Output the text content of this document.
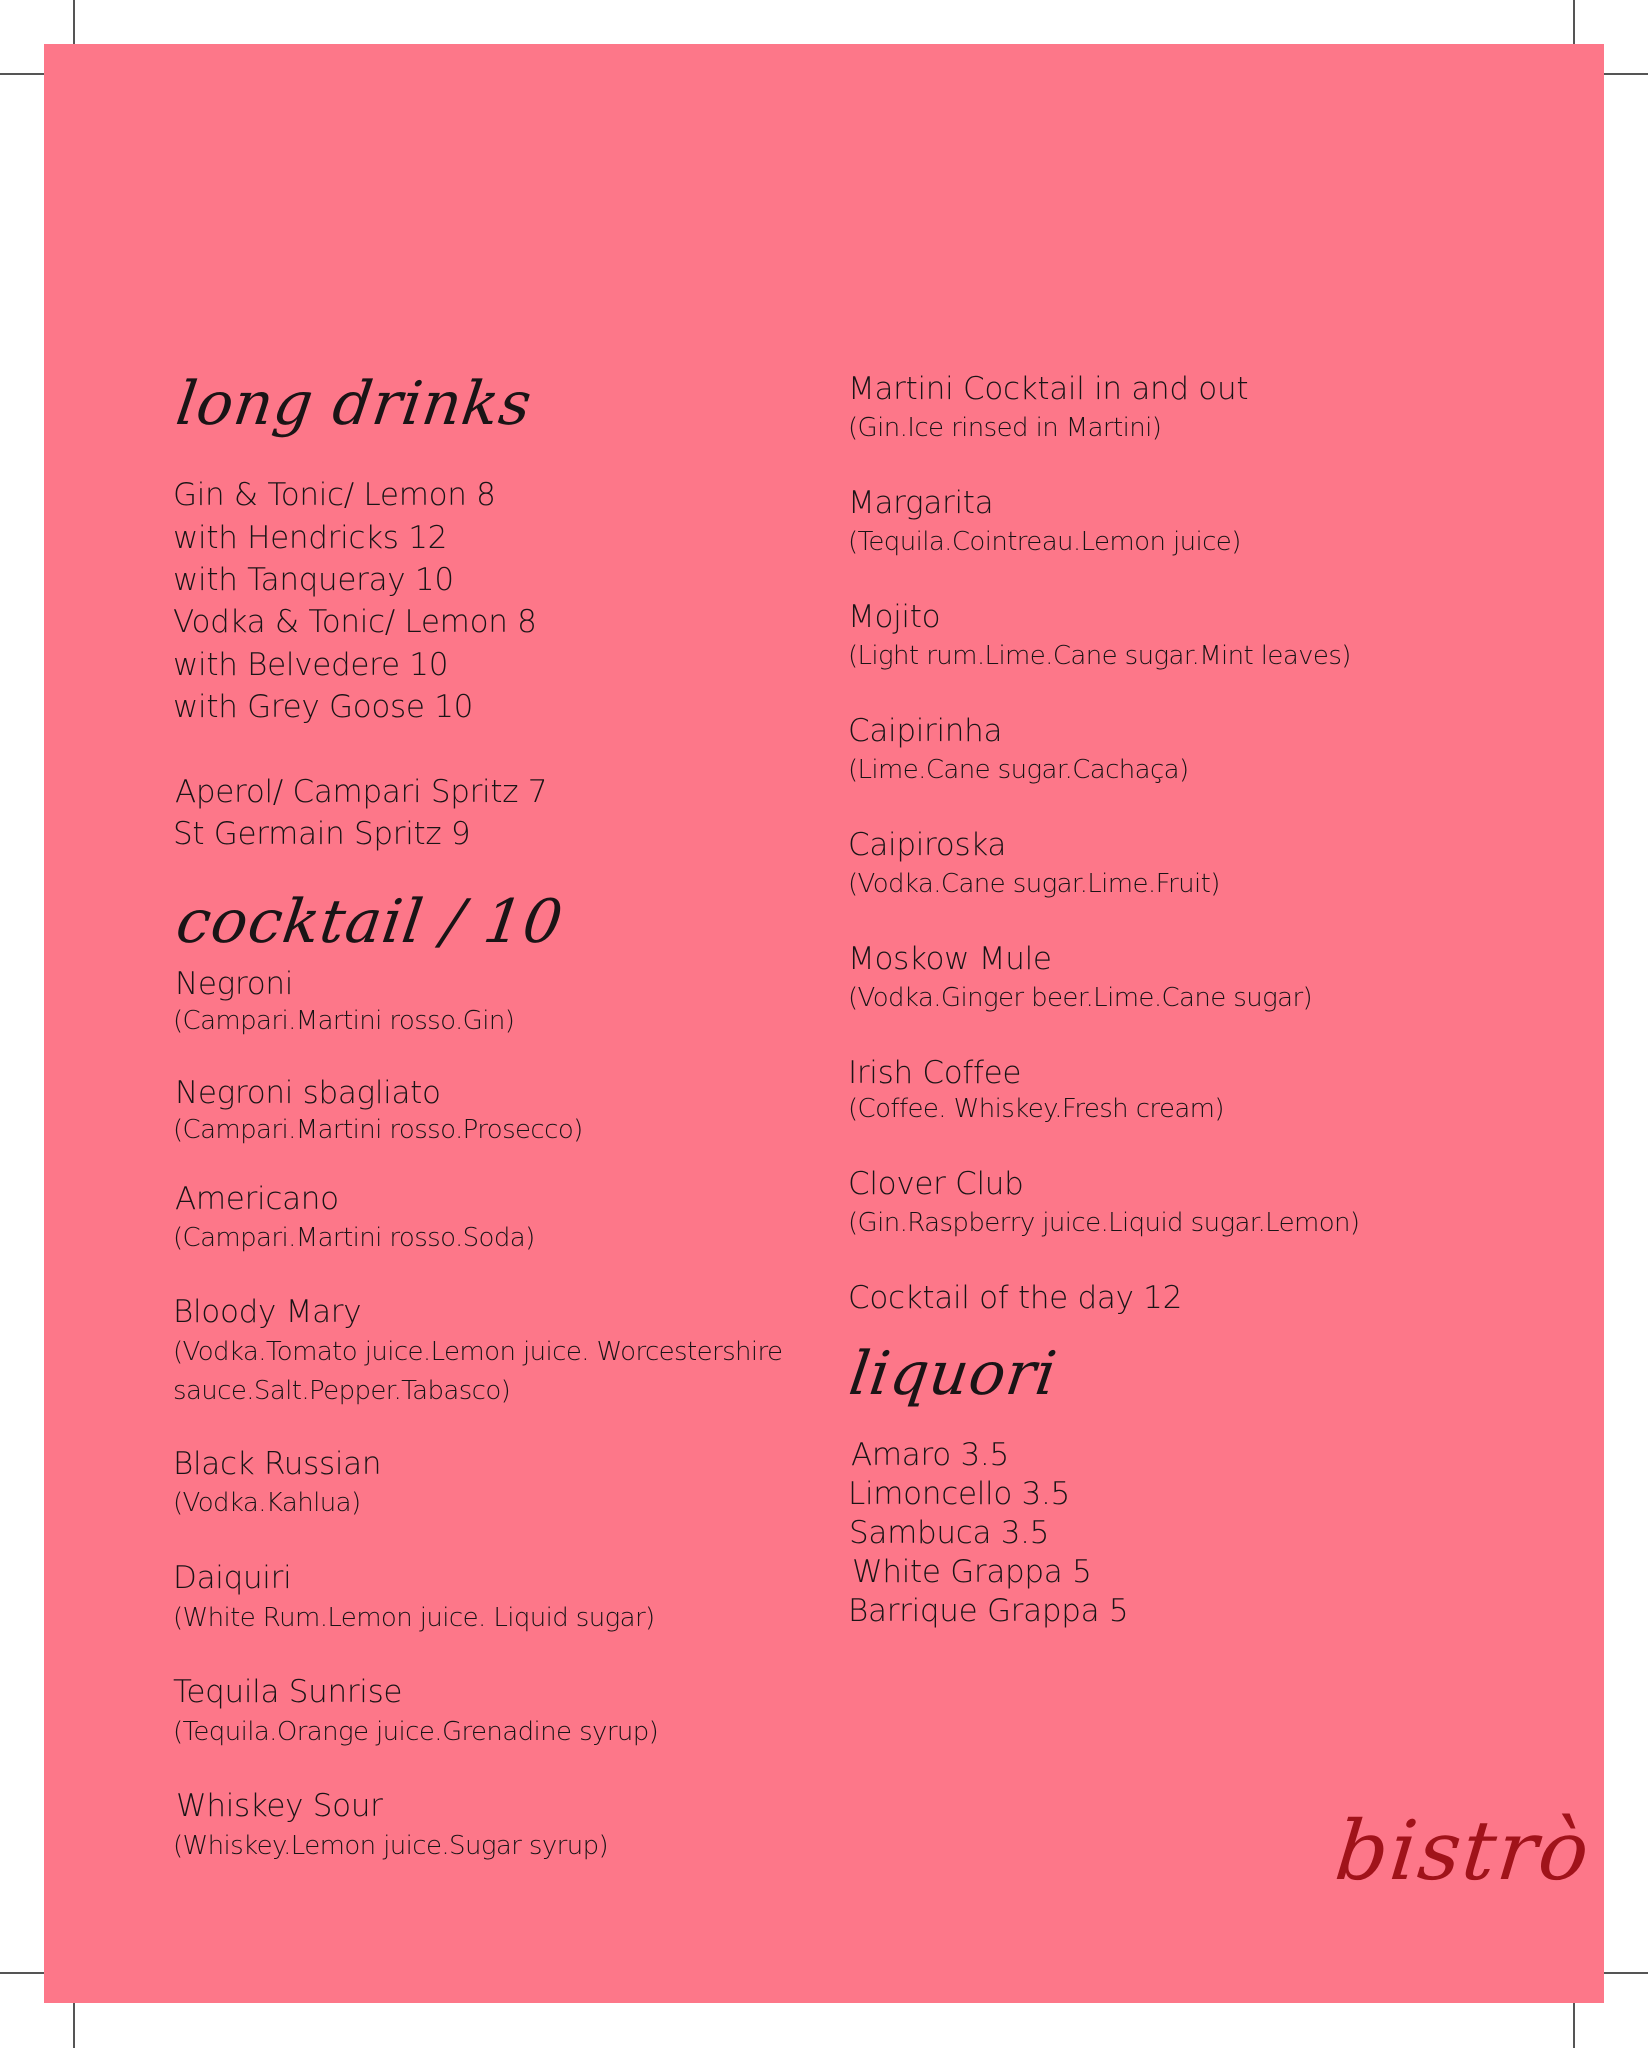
long drinks
Gin & Tonic/ Lemon 8
with Hendricks 12
with Tanqueray 10
Vodka & Tonic/ Lemon 8
with Belvedere 10
with Grey Goose 10
Aperol/ Campari Spritz 7
St Germain Spritz 9
cocktail / 10
Negroni
(Campari.Martini rosso.Gin)
Negroni sbagliato
(Campari.Martini rosso.Prosecco)
Americano
(Campari.Martini rosso.Soda)
Bloody Mary
(Vodka.Tomato juice.Lemon juice. Worcestershire
sauce.Salt.Pepper.Tabasco)
Black Russian
(Vodka.Kahlua)
Daiquiri
(White Rum.Lemon juice. Liquid sugar)
Tequila Sunrise
(Tequila.Orange juice.Grenadine syrup)
Whiskey Sour
(Whiskey.Lemon juice.Sugar syrup)
Martini Cocktail in and out
(Gin.Ice rinsed in Martini)
Margarita
(Tequila.Cointreau.Lemon juice)
Mojito
(Light rum.Lime.Cane sugar.Mint leaves)
Caipirinha
(Lime.Cane sugar.Cachaça)
Caipiroska
(Vodka.Cane sugar.Lime.Fruit)
Moskow Mule
(Vodka.Ginger beer.Lime.Cane sugar)
Irish Coffee
(Coffee. Whiskey.Fresh cream)
Clover Club
(Gin.Raspberry juice.Liquid sugar.Lemon)
Cocktail of the day 12
liquori
Amaro 3.5
Limoncello 3.5
Sambuca 3.5
White Grappa 5
Barrique Grappa 5
bistrò
